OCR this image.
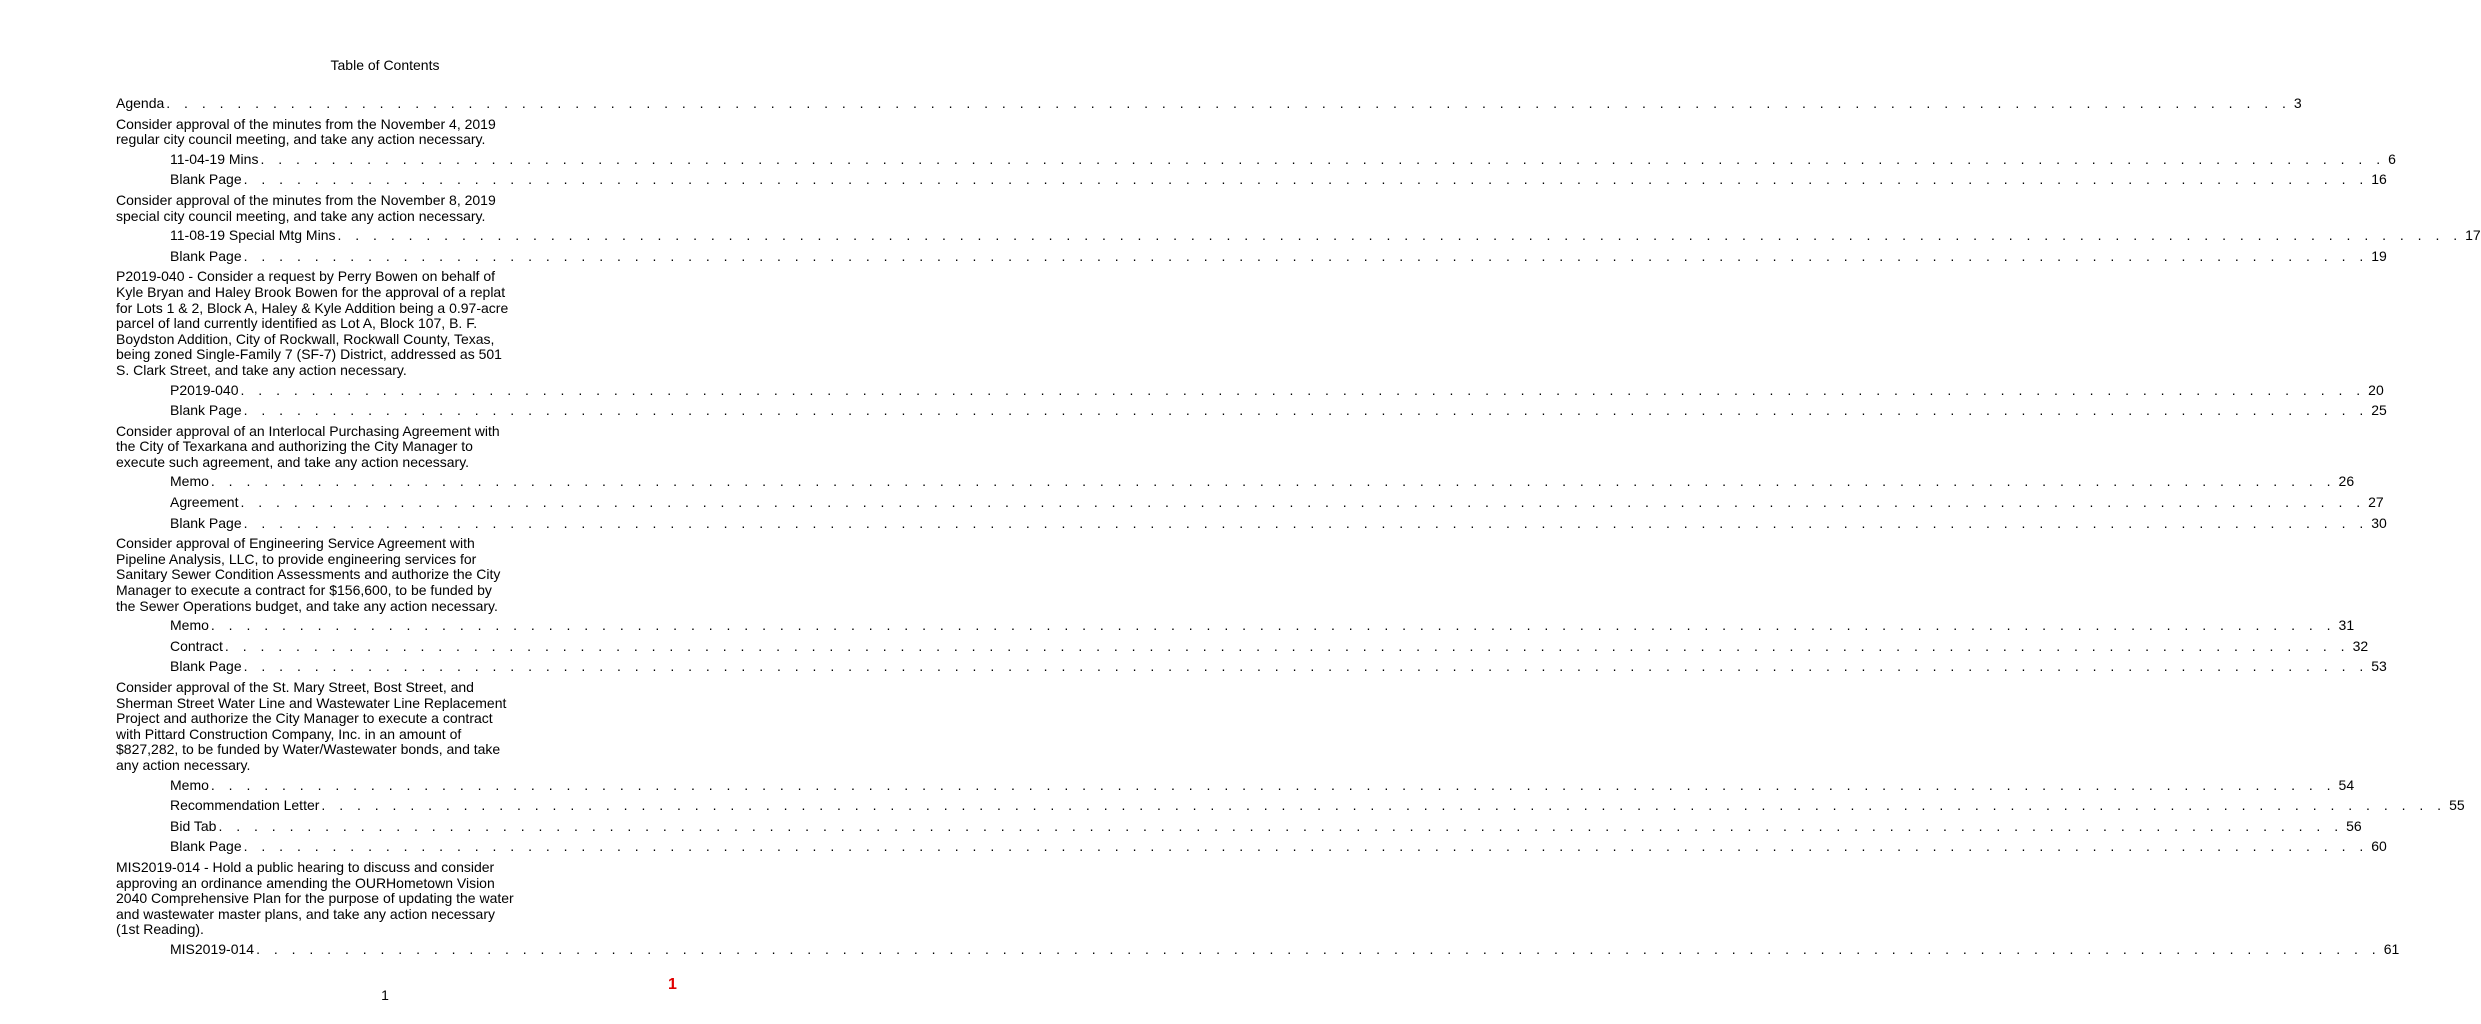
Table of Contents
Agenda . . . . . . . . . . . . . . . . . . . . . . . . . . . . . . . . . . . . . . . . . . . . . . . . . . . . . . . . . . . . . . . . . . . . . . . . . . . . . . . . . . . . . . . . . . . . . . . . . . . . . . . . . . . . . . . . . . . . . . . . 3
Consider approval of the minutes from the November 4, 2019
regular city council meeting, and take any action necessary.
11-04-19 Mins . . . . . . . . . . . . . . . . . . . . . . . . . . . . . . . . . . . . . . . . . . . . . . . . . . . . . . . . . . . . . . . . . . . . . . . . . . . . . . . . . . . . . . . . . . . . . . . . . . . . . . . . . . . . . . . . . . . . . . . . 6
Blank Page . . . . . . . . . . . . . . . . . . . . . . . . . . . . . . . . . . . . . . . . . . . . . . . . . . . . . . . . . . . . . . . . . . . . . . . . . . . . . . . . . . . . . . . . . . . . . . . . . . . . . . . . . . . . . . . . . . . . . . . . 16
Consider approval of the minutes from the November 8, 2019
special city council meeting, and take any action necessary.
11-08-19 Special Mtg Mins . . . . . . . . . . . . . . . . . . . . . . . . . . . . . . . . . . . . . . . . . . . . . . . . . . . . . . . . . . . . . . . . . . . . . . . . . . . . . . . . . . . . . . . . . . . . . . . . . . . . . . . . . . . . . . . . . . . . . . . . 17
Blank Page . . . . . . . . . . . . . . . . . . . . . . . . . . . . . . . . . . . . . . . . . . . . . . . . . . . . . . . . . . . . . . . . . . . . . . . . . . . . . . . . . . . . . . . . . . . . . . . . . . . . . . . . . . . . . . . . . . . . . . . . 19
P2019-040 - Consider a request by Perry Bowen on behalf of
Kyle Bryan and Haley Brook Bowen for the approval of a replat
for Lots 1 & 2, Block A, Haley & Kyle Addition being a 0.97-acre
parcel of land currently identified as Lot A, Block 107, B. F.
Boydston Addition, City of Rockwall, Rockwall County, Texas,
being zoned Single-Family 7 (SF-7) District, addressed as 501
S. Clark Street, and take any action necessary.
P2019-040 . . . . . . . . . . . . . . . . . . . . . . . . . . . . . . . . . . . . . . . . . . . . . . . . . . . . . . . . . . . . . . . . . . . . . . . . . . . . . . . . . . . . . . . . . . . . . . . . . . . . . . . . . . . . . . . . . . . . . . . . 20
Blank Page . . . . . . . . . . . . . . . . . . . . . . . . . . . . . . . . . . . . . . . . . . . . . . . . . . . . . . . . . . . . . . . . . . . . . . . . . . . . . . . . . . . . . . . . . . . . . . . . . . . . . . . . . . . . . . . . . . . . . . . . 25
Consider approval of an Interlocal Purchasing Agreement with
the City of Texarkana and authorizing the City Manager to
execute such agreement, and take any action necessary.
Memo . . . . . . . . . . . . . . . . . . . . . . . . . . . . . . . . . . . . . . . . . . . . . . . . . . . . . . . . . . . . . . . . . . . . . . . . . . . . . . . . . . . . . . . . . . . . . . . . . . . . . . . . . . . . . . . . . . . . . . . . 26
Agreement . . . . . . . . . . . . . . . . . . . . . . . . . . . . . . . . . . . . . . . . . . . . . . . . . . . . . . . . . . . . . . . . . . . . . . . . . . . . . . . . . . . . . . . . . . . . . . . . . . . . . . . . . . . . . . . . . . . . . . . . 27
Blank Page . . . . . . . . . . . . . . . . . . . . . . . . . . . . . . . . . . . . . . . . . . . . . . . . . . . . . . . . . . . . . . . . . . . . . . . . . . . . . . . . . . . . . . . . . . . . . . . . . . . . . . . . . . . . . . . . . . . . . . . . 30
Consider approval of Engineering Service Agreement with
Pipeline Analysis, LLC, to provide engineering services for
Sanitary Sewer Condition Assessments and authorize the City
Manager to execute a contract for $156,600, to be funded by
the Sewer Operations budget, and take any action necessary.
Memo . . . . . . . . . . . . . . . . . . . . . . . . . . . . . . . . . . . . . . . . . . . . . . . . . . . . . . . . . . . . . . . . . . . . . . . . . . . . . . . . . . . . . . . . . . . . . . . . . . . . . . . . . . . . . . . . . . . . . . . . 31
Contract . . . . . . . . . . . . . . . . . . . . . . . . . . . . . . . . . . . . . . . . . . . . . . . . . . . . . . . . . . . . . . . . . . . . . . . . . . . . . . . . . . . . . . . . . . . . . . . . . . . . . . . . . . . . . . . . . . . . . . . . 32
Blank Page . . . . . . . . . . . . . . . . . . . . . . . . . . . . . . . . . . . . . . . . . . . . . . . . . . . . . . . . . . . . . . . . . . . . . . . . . . . . . . . . . . . . . . . . . . . . . . . . . . . . . . . . . . . . . . . . . . . . . . . . 53
Consider approval of the St. Mary Street, Bost Street, and
Sherman Street Water Line and Wastewater Line Replacement
Project and authorize the City Manager to execute a contract
with Pittard Construction Company, Inc. in an amount of
$827,282, to be funded by Water/Wastewater bonds, and take
any action necessary.
Memo . . . . . . . . . . . . . . . . . . . . . . . . . . . . . . . . . . . . . . . . . . . . . . . . . . . . . . . . . . . . . . . . . . . . . . . . . . . . . . . . . . . . . . . . . . . . . . . . . . . . . . . . . . . . . . . . . . . . . . . . 54
Recommendation Letter . . . . . . . . . . . . . . . . . . . . . . . . . . . . . . . . . . . . . . . . . . . . . . . . . . . . . . . . . . . . . . . . . . . . . . . . . . . . . . . . . . . . . . . . . . . . . . . . . . . . . . . . . . . . . . . . . . . . . . . . 55
Bid Tab . . . . . . . . . . . . . . . . . . . . . . . . . . . . . . . . . . . . . . . . . . . . . . . . . . . . . . . . . . . . . . . . . . . . . . . . . . . . . . . . . . . . . . . . . . . . . . . . . . . . . . . . . . . . . . . . . . . . . . . . 56
Blank Page . . . . . . . . . . . . . . . . . . . . . . . . . . . . . . . . . . . . . . . . . . . . . . . . . . . . . . . . . . . . . . . . . . . . . . . . . . . . . . . . . . . . . . . . . . . . . . . . . . . . . . . . . . . . . . . . . . . . . . . . 60
MIS2019-014 - Hold a public hearing to discuss and consider
approving an ordinance amending the OURHometown Vision
2040 Comprehensive Plan for the purpose of updating the water
and wastewater master plans, and take any action necessary
(1st Reading).
MIS2019-014 . . . . . . . . . . . . . . . . . . . . . . . . . . . . . . . . . . . . . . . . . . . . . . . . . . . . . . . . . . . . . . . . . . . . . . . . . . . . . . . . . . . . . . . . . . . . . . . . . . . . . . . . . . . . . . . . . . . . . . . . 61
1
1
